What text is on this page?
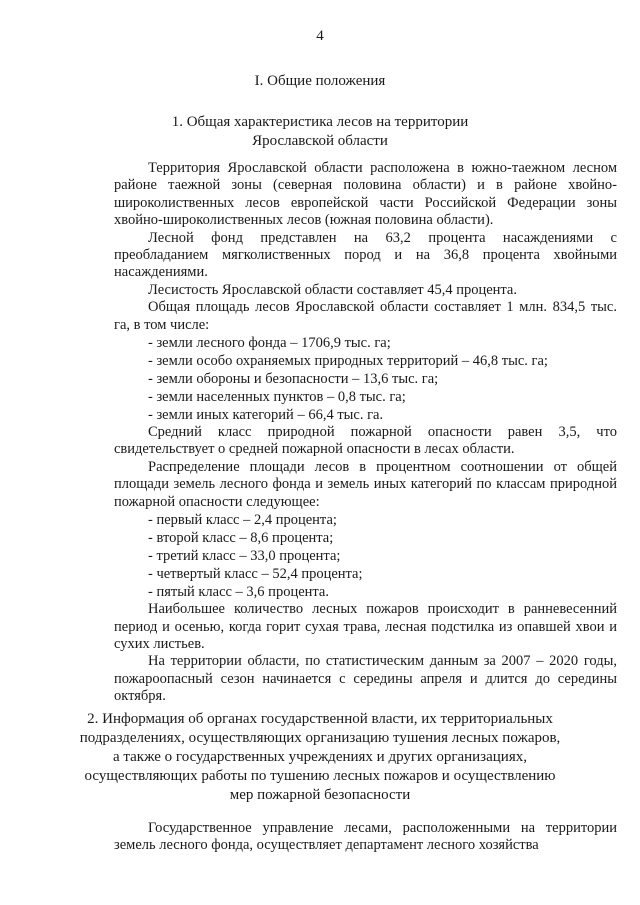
4
I. Общие положения
1. Общая характеристика лесов на территории
Ярославской области

Территория Ярославской области расположена в южно-таежном лесном районе таежной зоны (северная половина области) и в районе хвойно-широколиственных лесов европейской части Российской Федерации зоны хвойно-широколиственных лесов (южная половина области).

Лесной фонд представлен на 63,2 процента насаждениями с преобладанием мягколиственных пород и на 36,8 процента хвойными насаждениями.

Лесистость Ярославской области составляет 45,4 процента.

Общая площадь лесов Ярославской области составляет 1 млн. 834,5 тыс. га, в том числе:

- земли лесного фонда – 1706,9 тыс. га;
- земли особо охраняемых природных территорий – 46,8 тыс. га;
- земли обороны и безопасности – 13,6 тыс. га;
- земли населенных пунктов – 0,8 тыс. га;
- земли иных категорий – 66,4 тыс. га.

Средний класс природной пожарной опасности равен 3,5, что свидетельствует о средней пожарной опасности в лесах области.

Распределение площади лесов в процентном соотношении от общей площади земель лесного фонда и земель иных категорий по классам природной пожарной опасности следующее:

- первый класс – 2,4 процента;
- второй класс – 8,6 процента;
- третий класс – 33,0 процента;
- четвертый класс – 52,4 процента;
- пятый класс – 3,6 процента.

Наибольшее количество лесных пожаров происходит в ранневесенний период и осенью, когда горит сухая трава, лесная подстилка из опавшей хвои и сухих листьев.

На территории области, по статистическим данным за 2007 – 2020 годы, пожароопасный сезон начинается с середины апреля и длится до середины октября.

2. Информация об органах государственной власти, их территориальных
подразделениях, осуществляющих организацию тушения лесных пожаров,
а также о государственных учреждениях и других организациях,
осуществляющих работы по тушению лесных пожаров и осуществлению
мер пожарной безопасности

Государственное управление лесами, расположенными на территории земель лесного фонда, осуществляет департамент лесного хозяйства
